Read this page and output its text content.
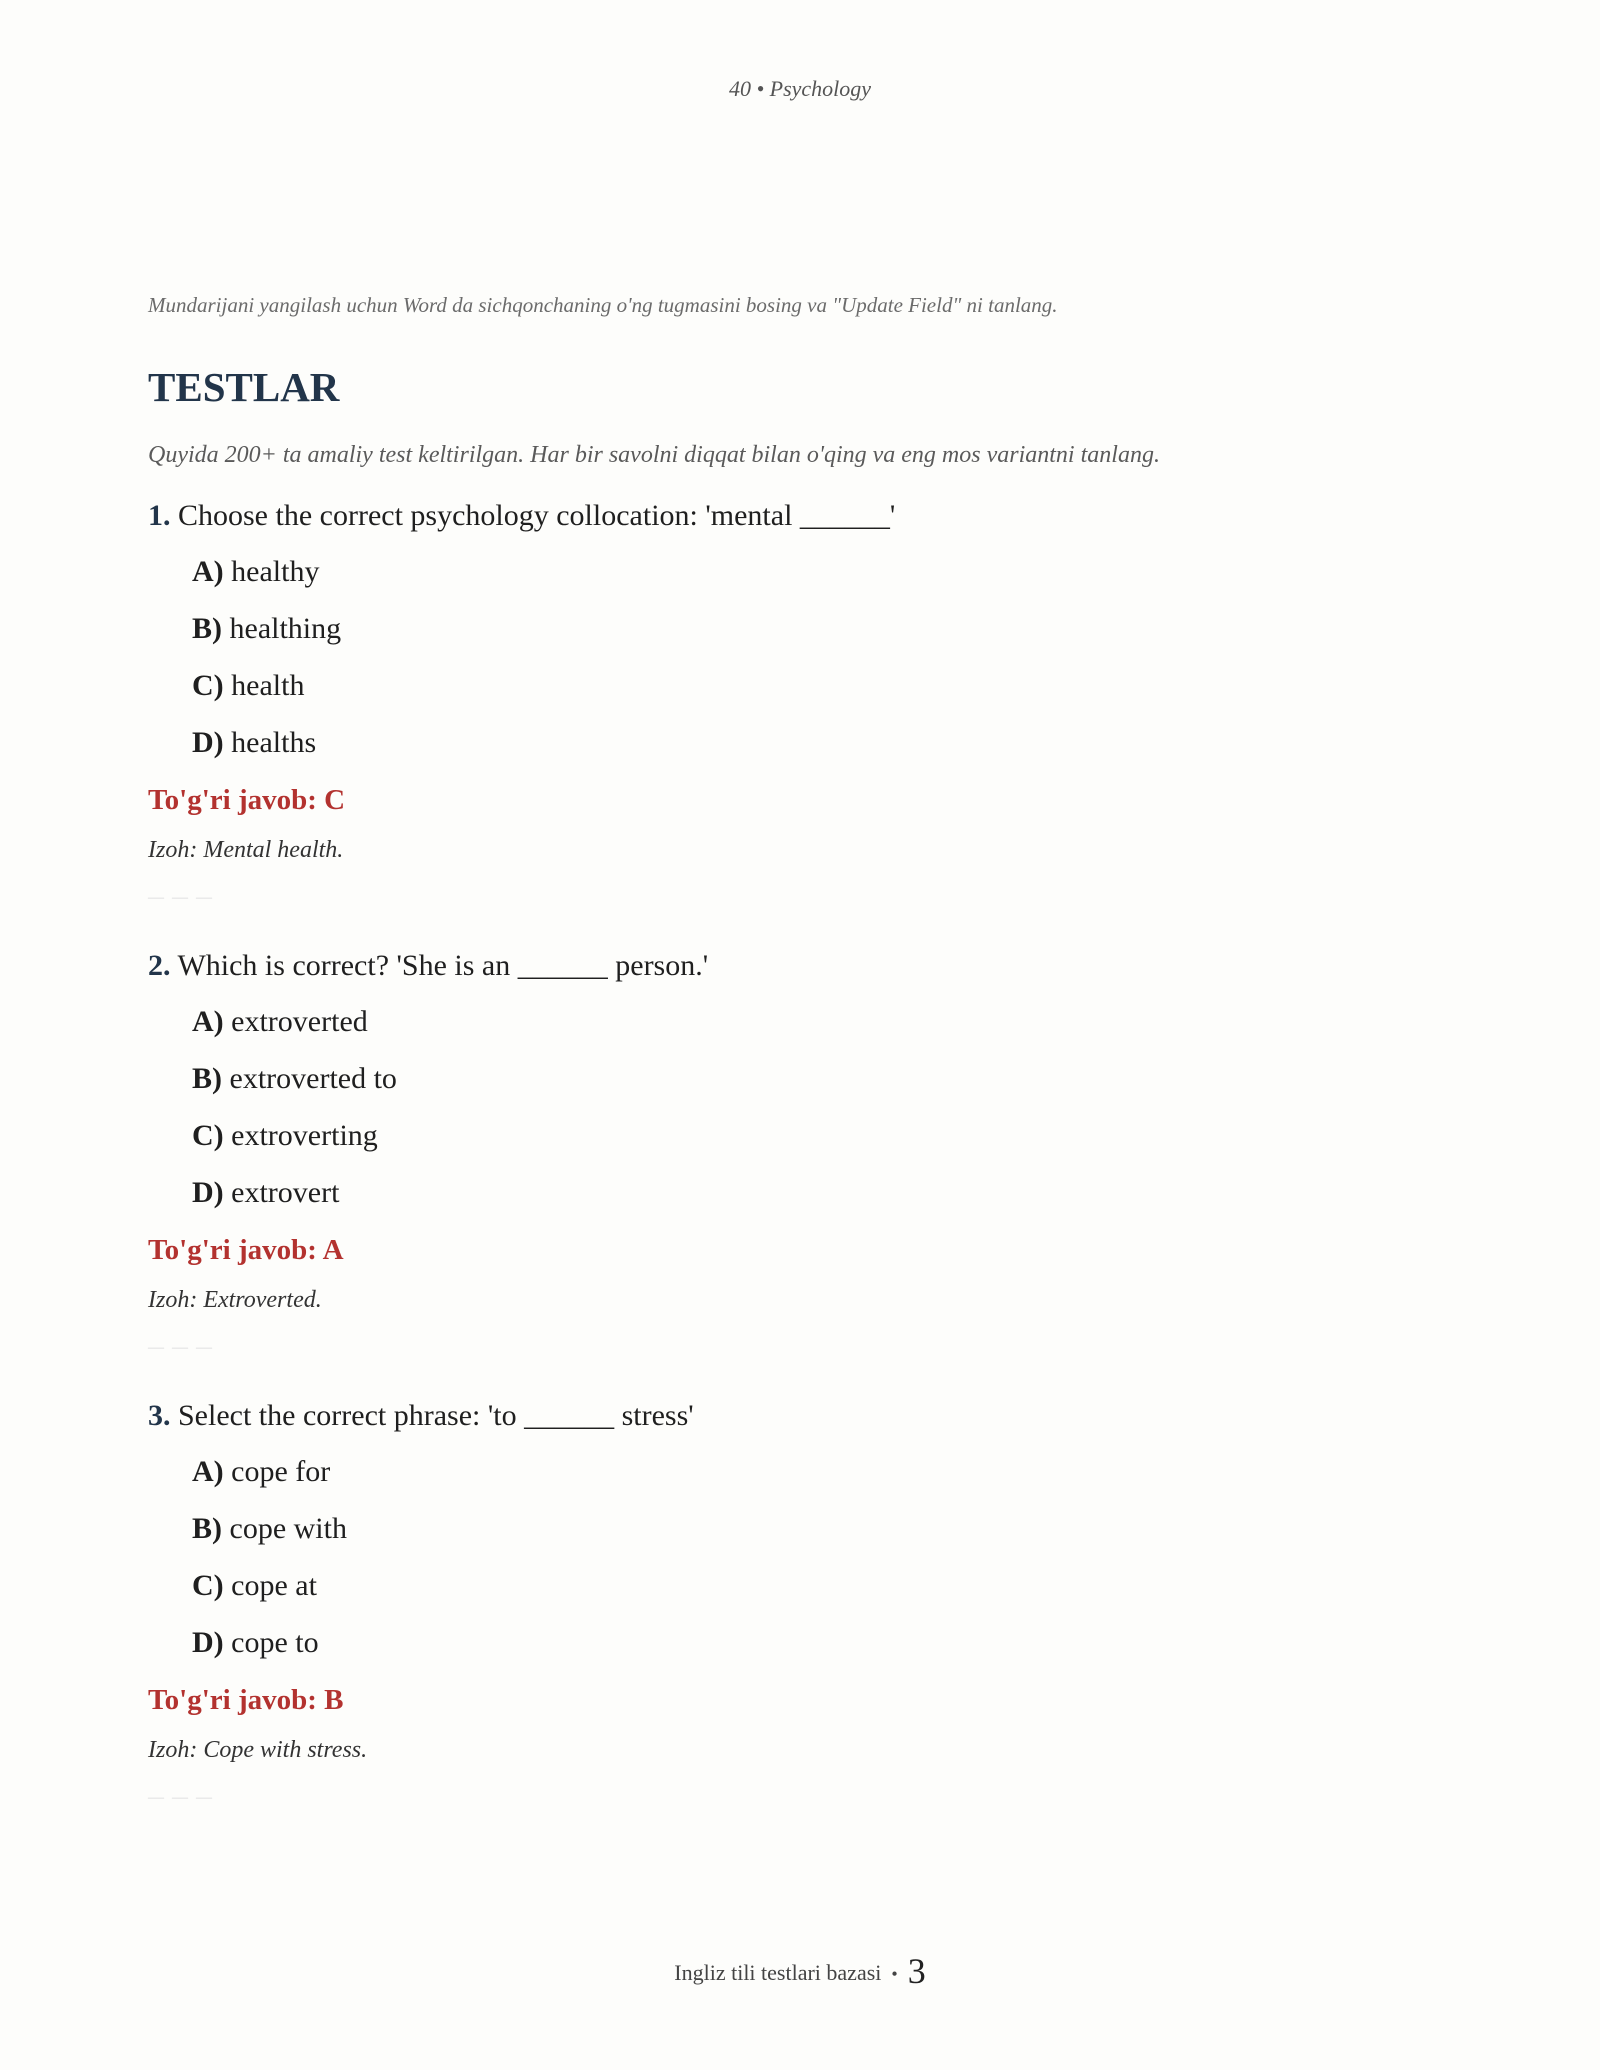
40 • Psychology

Mundarijani yangilash uchun Word da sichqonchaning o'ng tugmasini bosing va "Update Field" ni tanlang.

TESTLAR

Quyida 200+ ta amaliy test keltirilgan. Har bir savolni diqqat bilan o'qing va eng mos variantni tanlang.

1. Choose the correct psychology collocation: 'mental ______'

A) healthy

B) healthing

C) health

D) healths

To'g'ri javob: C

Izoh: Mental health.

— — —

2. Which is correct? 'She is an ______ person.'

A) extroverted

B) extroverted to

C) extroverting

D) extrovert

To'g'ri javob: A

Izoh: Extroverted.

— — —

3. Select the correct phrase: 'to ______ stress'

A) cope for

B) cope with

C) cope at

D) cope to

To'g'ri javob: B

Izoh: Cope with stress.

— — —

Ingliz tili testlari bazasi • 3
